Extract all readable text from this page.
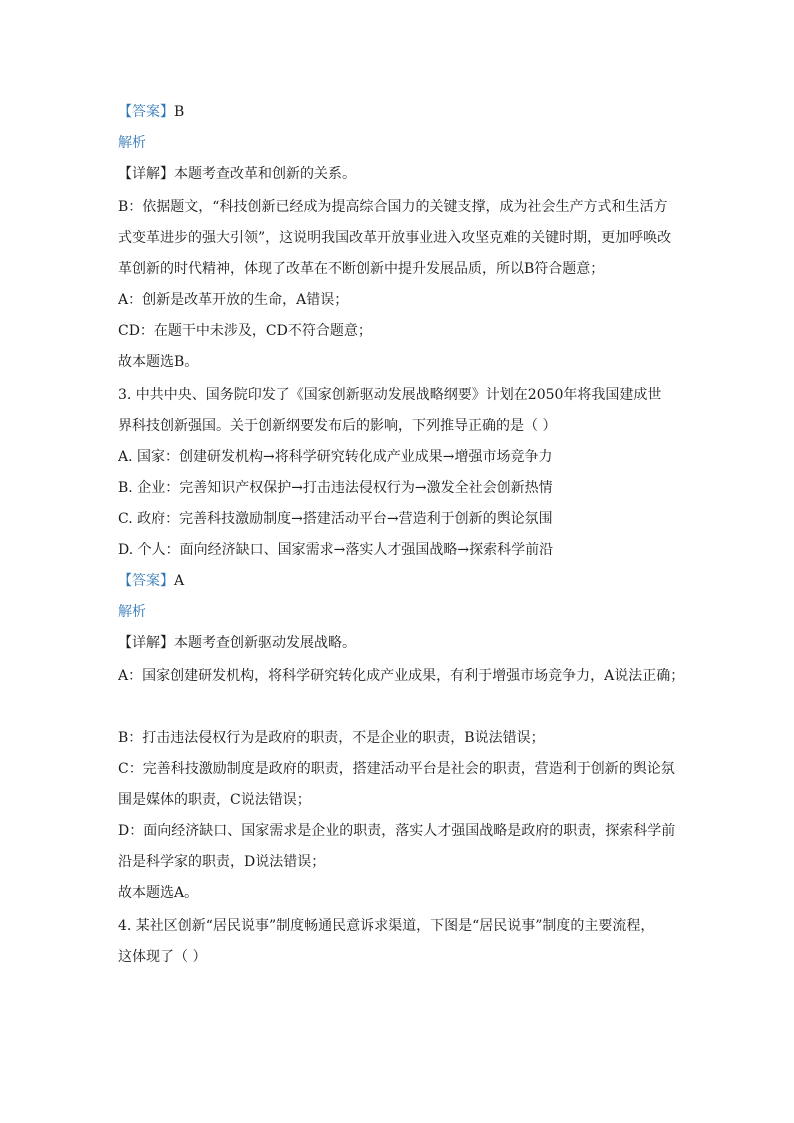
【答案】B
解析
【详解】本题考查改革和创新的关系。
B：依据题文，“科技创新已经成为提高综合国力的关键支撑，成为社会生产方式和生活方
式变革进步的强大引领”，这说明我国改革开放事业进入攻坚克难的关键时期，更加呼唤改
革创新的时代精神，体现了改革在不断创新中提升发展品质，所以B符合题意；
A：创新是改革开放的生命，A错误；
CD：在题干中未涉及，CD不符合题意；
故本题选B。
3. 中共中央、国务院印发了《国家创新驱动发展战略纲要》计划在2050年将我国建成世
界科技创新强国。关于创新纲要发布后的影响，下列推导正确的是（ ）
A. 国家：创建研发机构→将科学研究转化成产业成果→增强市场竞争力
B. 企业：完善知识产权保护→打击违法侵权行为→激发全社会创新热情
C. 政府：完善科技激励制度→搭建活动平台→营造利于创新的舆论氛围
D. 个人：面向经济缺口、国家需求→落实人才强国战略→探索科学前沿
【答案】A
解析
【详解】本题考查创新驱动发展战略。
A：国家创建研发机构，将科学研究转化成产业成果，有利于增强市场竞争力，A说法正确；
B：打击违法侵权行为是政府的职责，不是企业的职责，B说法错误；
C：完善科技激励制度是政府的职责，搭建活动平台是社会的职责，营造利于创新的舆论氛
围是媒体的职责，C说法错误；
D：面向经济缺口、国家需求是企业的职责，落实人才强国战略是政府的职责，探索科学前
沿是科学家的职责，D说法错误；
故本题选A。
4. 某社区创新“居民说事”制度畅通民意诉求渠道，下图是“居民说事”制度的主要流程，
这体现了（ ）
